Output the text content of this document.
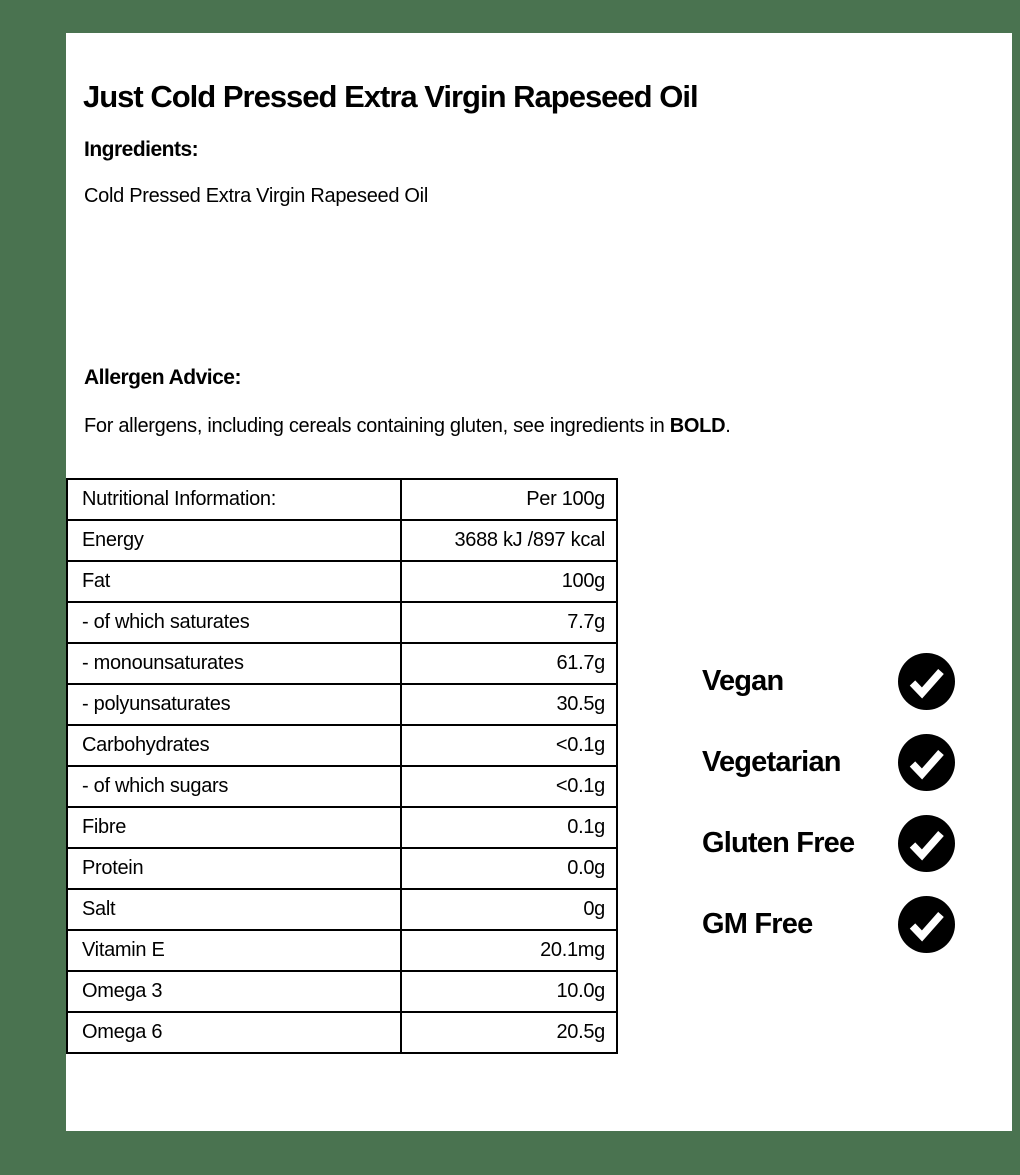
Just Cold Pressed Extra Virgin Rapeseed Oil
Ingredients:
Cold Pressed Extra Virgin Rapeseed Oil
Allergen Advice:
For allergens, including cereals containing gluten, see ingredients in BOLD.
Nutritional Information:	Per 100g
Energy	3688 kJ /897 kcal
Fat	100g
- of which saturates	7.7g
- monounsaturates	61.7g
- polyunsaturates	30.5g
Carbohydrates	<0.1g
- of which sugars	<0.1g
Fibre	0.1g
Protein	0.0g
Salt	0g
Vitamin E	20.1mg
Omega 3	10.0g
Omega 6	20.5g
Vegan
Vegetarian
Gluten Free
GM Free
